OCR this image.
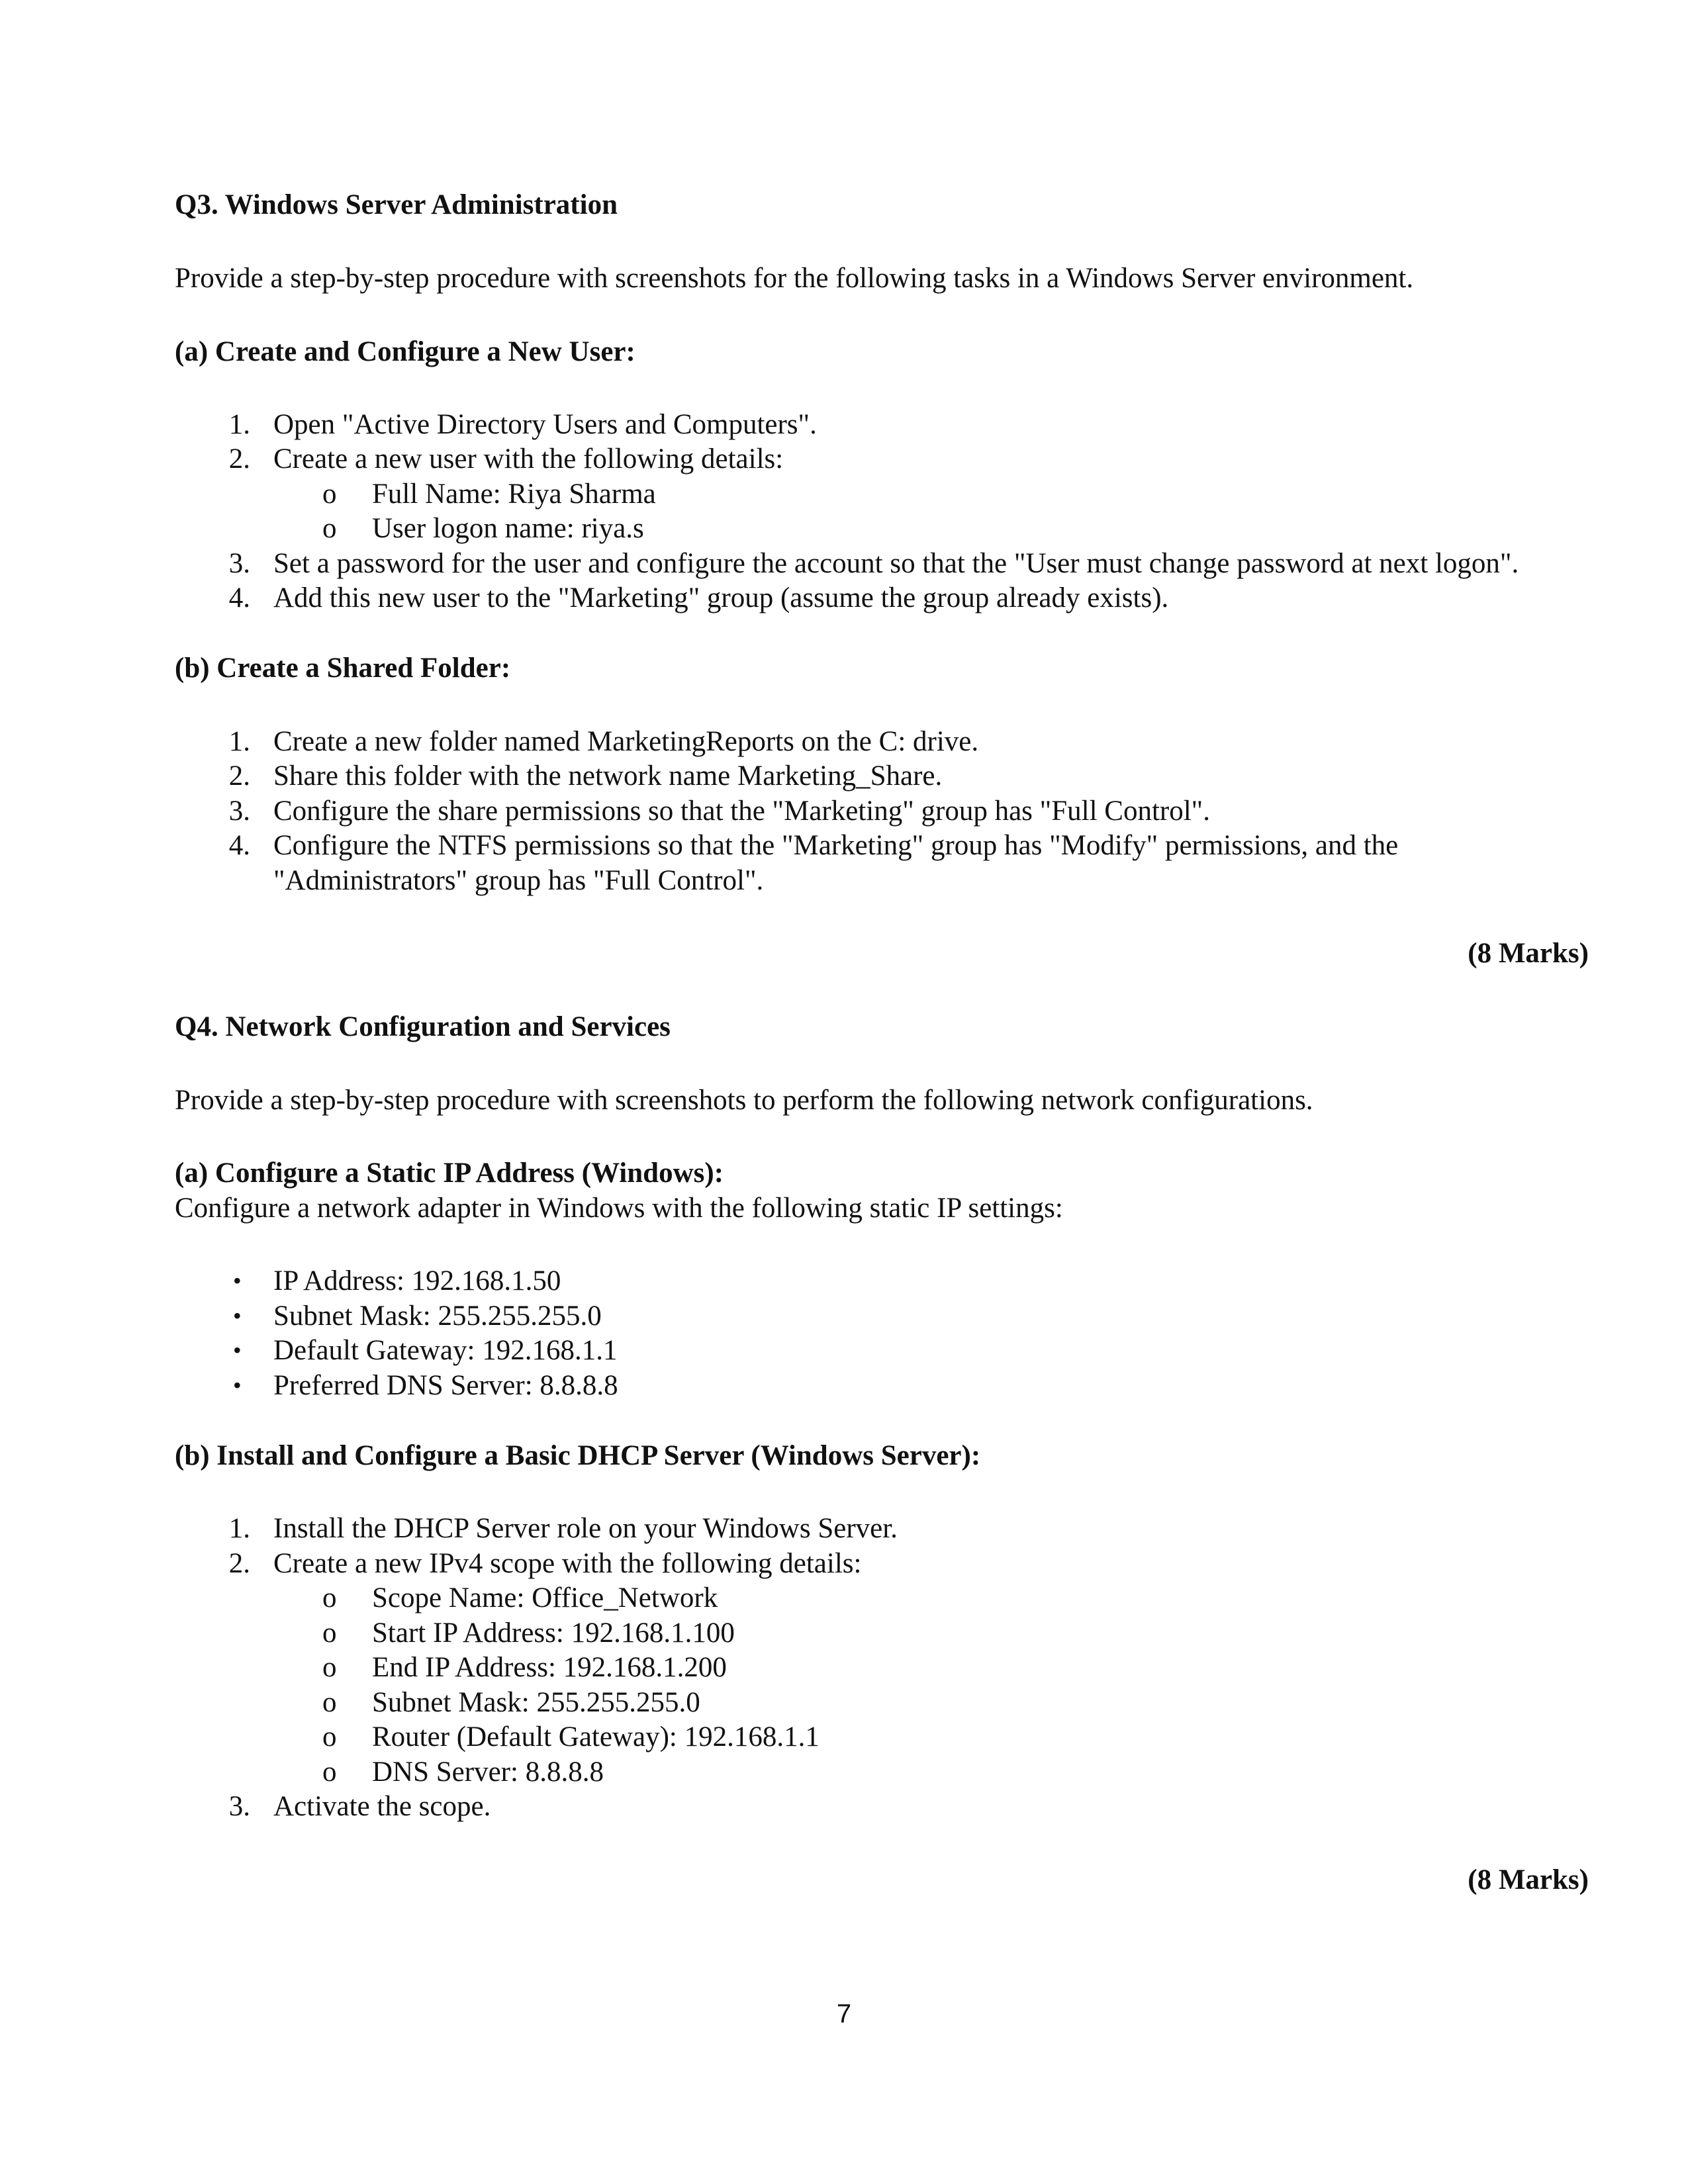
Q3. Windows Server Administration
Provide a step-by-step procedure with screenshots for the following tasks in a Windows Server environment.
(a) Create and Configure a New User:
1. Open "Active Directory Users and Computers".
2. Create a new user with the following details:
o Full Name: Riya Sharma
o User logon name: riya.s
3. Set a password for the user and configure the account so that the "User must change password at next logon".
4. Add this new user to the "Marketing" group (assume the group already exists).
(b) Create a Shared Folder:
1. Create a new folder named MarketingReports on the C: drive.
2. Share this folder with the network name Marketing_Share.
3. Configure the share permissions so that the "Marketing" group has "Full Control".
4. Configure the NTFS permissions so that the "Marketing" group has "Modify" permissions, and the
"Administrators" group has "Full Control".
(8 Marks)
Q4. Network Configuration and Services
Provide a step-by-step procedure with screenshots to perform the following network configurations.
(a) Configure a Static IP Address (Windows):
Configure a network adapter in Windows with the following static IP settings:
• IP Address: 192.168.1.50
• Subnet Mask: 255.255.255.0
• Default Gateway: 192.168.1.1
• Preferred DNS Server: 8.8.8.8
(b) Install and Configure a Basic DHCP Server (Windows Server):
1. Install the DHCP Server role on your Windows Server.
2. Create a new IPv4 scope with the following details:
o Scope Name: Office_Network
o Start IP Address: 192.168.1.100
o End IP Address: 192.168.1.200
o Subnet Mask: 255.255.255.0
o Router (Default Gateway): 192.168.1.1
o DNS Server: 8.8.8.8
3. Activate the scope.
(8 Marks)
7
